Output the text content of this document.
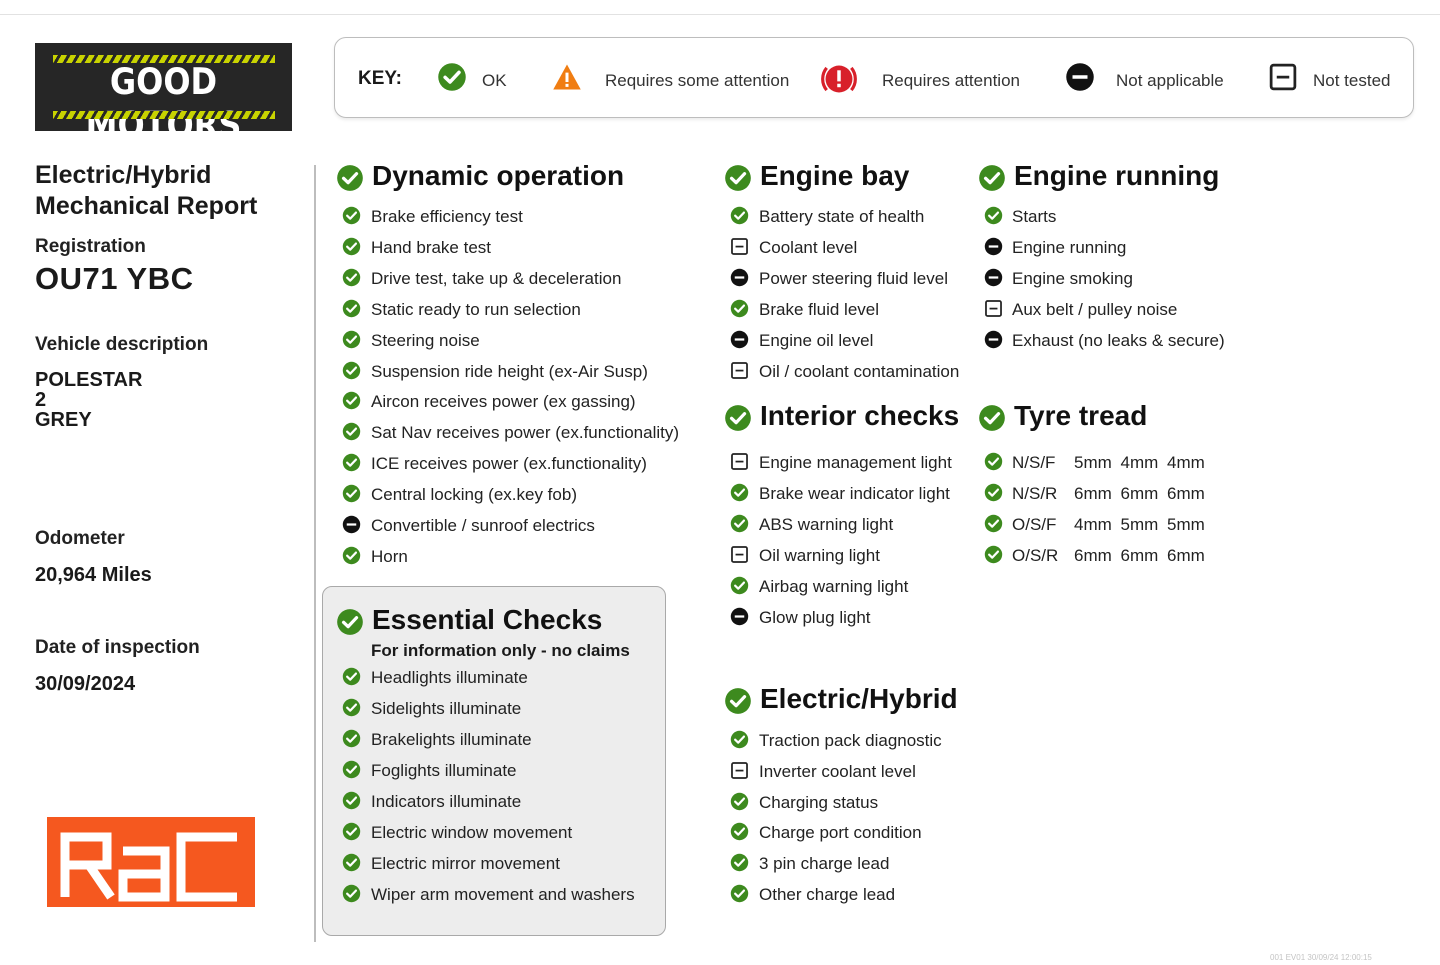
GOOD	KEY:	OK	Requires some attention	Requires attention	Not applicable	Not tested
Electric/Hybrid
Mechanical Report
Registration
OU71 YBC
Vehicle description
POLESTAR
2
GREY
Odometer
20,964 Miles
Date of inspection
30/09/2024
For information only - no claims
Dynamic operation
Brake efficiency test
Hand brake test
Drive test, take up & deceleration
Static ready to run selection
Steering noise
Suspension ride height (ex-Air Susp)
Aircon receives power (ex gassing)
Sat Nav receives power (ex.functionality)
ICE receives power (ex.functionality)
Central locking (ex.key fob)
Convertible / sunroof electrics
Horn
Essential Checks
Headlights illuminate
Sidelights illuminate
Brakelights illuminate
Foglights illuminate
Indicators illuminate
Electric window movement
Electric mirror movement
Wiper arm movement and washers
Engine bay
Battery state of health
Coolant level
Power steering fluid level
Brake fluid level
Engine oil level
Oil / coolant contamination
Interior checks
Engine management light
Brake wear indicator light
ABS warning light
Oil warning light
Airbag warning light
Glow plug light
Electric/Hybrid
Traction pack diagnostic
Inverter coolant level
Charging status
Charge port condition
3 pin charge lead
Other charge lead
Engine running
Starts
Engine running
Engine smoking
Aux belt / pulley noise
Exhaust (no leaks & secure)
Tyre tread
N/S/F 5mm 4mm 4mm
N/S/R 6mm 6mm 6mm
O/S/F 4mm 5mm 5mm
O/S/R 6mm 6mm 6mm
001 EV01 30/09/24 12:00:15
